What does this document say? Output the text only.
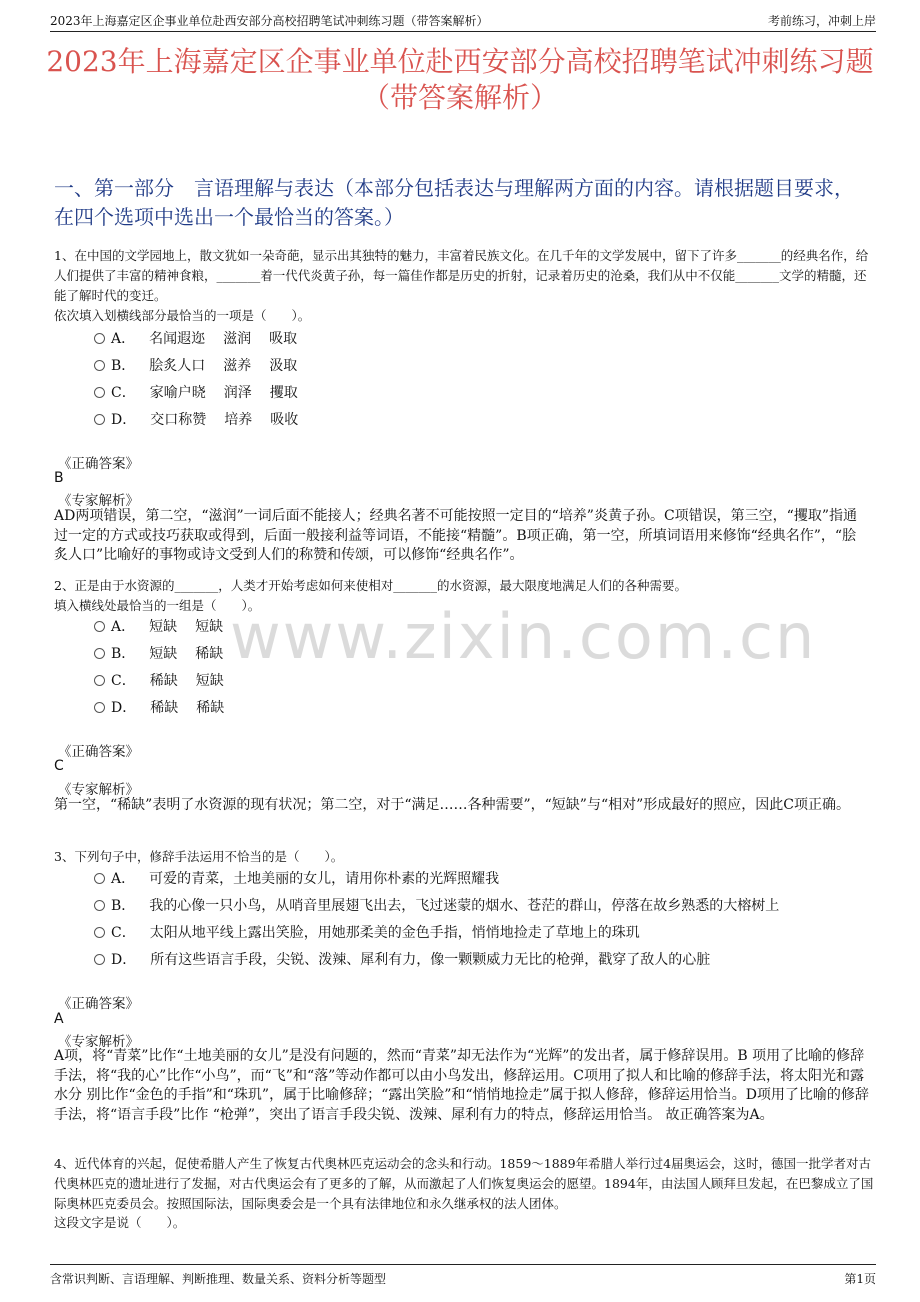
2023年上海嘉定区企事业单位赴西安部分高校招聘笔试冲刺练习题（带答案解析）	考前练习，冲刺上岸
2023年上海嘉定区企事业单位赴西安部分高校招聘笔试冲刺练习题（带答案解析）
一、第一部分　言语理解与表达（本部分包括表达与理解两方面的内容。请根据题目要求，在四个选项中选出一个最恰当的答案。）
www.zixin.com.cn
1、在中国的文学园地上，散文犹如一朵奇葩，显示出其独特的魅力，丰富着民族文化。在几千年的文学发展中，留下了许多_______的经典名作，给人们提供了丰富的精神食粮，_______着一代代炎黄子孙，每一篇佳作都是历史的折射，记录着历史的沧桑，我们从中不仅能_______文学的精髓，还能了解时代的变迁。
依次填入划横线部分最恰当的一项是（　　）。
A． 名闻遐迩 滋润 吸取
B． 脍炙人口 滋养 汲取
C． 家喻户晓 润泽 攫取
D． 交口称赞 培养 吸收
《正确答案》
B
《专家解析》
AD两项错误，第二空，“滋润”一词后面不能接人；经典名著不可能按照一定目的“培养”炎黄子孙。C项错误，第三空，“攫取”指通过一定的方式或技巧获取或得到，后面一般接利益等词语，不能接“精髓”。B项正确，第一空，所填词语用来修饰“经典名作”，“脍炙人口”比喻好的事物或诗文受到人们的称赞和传颂，可以修饰“经典名作”。
2、正是由于水资源的_______，人类才开始考虑如何来使相对_______的水资源，最大限度地满足人们的各种需要。
填入横线处最恰当的一组是（　　）。
A． 短缺 短缺
B． 短缺 稀缺
C． 稀缺 短缺
D． 稀缺 稀缺
《正确答案》
C
《专家解析》
第一空，“稀缺”表明了水资源的现有状况；第二空，对于“满足……各种需要”，“短缺”与“相对”形成最好的照应，因此C项正确。
3、下列句子中，修辞手法运用不恰当的是（　　）。
A． 可爱的青菜，土地美丽的女儿，请用你朴素的光辉照耀我
B． 我的心像一只小鸟，从哨音里展翅飞出去，飞过迷蒙的烟水、苍茫的群山，停落在故乡熟悉的大榕树上
C． 太阳从地平线上露出笑脸，用她那柔美的金色手指，悄悄地捡走了草地上的珠玑
D． 所有这些语言手段，尖锐、泼辣、犀利有力，像一颗颗威力无比的枪弹，戳穿了敌人的心脏
《正确答案》
A
《专家解析》
A项，将“青菜”比作“土地美丽的女儿”是没有问题的，然而“青菜”却无法作为“光辉”的发出者，属于修辞误用。B 项用了比喻的修辞手法，将“我的心”比作“小鸟”，而“飞”和“落”等动作都可以由小鸟发出，修辞运用。C项用了拟人和比喻的修辞手法，将太阳光和露水分 别比作“金色的手指”和“珠玑”，属于比喻修辞；“露出笑脸”和“悄悄地捡走”属于拟人修辞，修辞运用恰当。D项用了比喻的修辞手法，将“语言手段”比作 “枪弹”，突出了语言手段尖锐、泼辣、犀利有力的特点，修辞运用恰当。 故正确答案为A。
4、近代体育的兴起，促使希腊人产生了恢复古代奥林匹克运动会的念头和行动。1859～1889年希腊人举行过4届奥运会，这时，德国一批学者对古代奥林匹克的遗址进行了发掘，对古代奥运会有了更多的了解，从而激起了人们恢复奥运会的愿望。1894年，由法国人顾拜旦发起，在巴黎成立了国际奥林匹克委员会。按照国际法，国际奥委会是一个具有法律地位和永久继承权的法人团体。
这段文字是说（　　）。
含常识判断、言语理解、判断推理、数量关系、资料分析等题型	第1页
